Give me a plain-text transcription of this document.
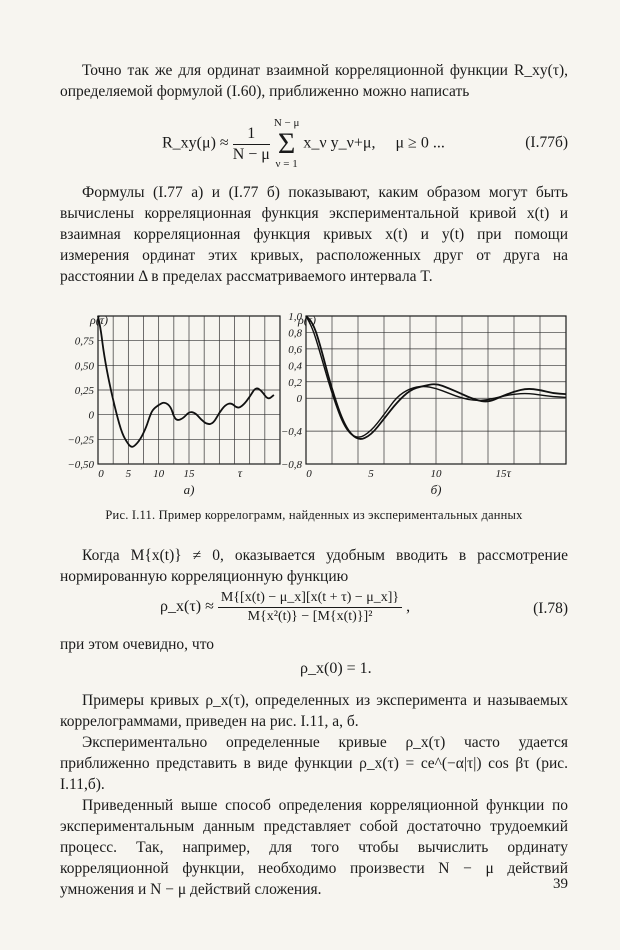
Точно так же для ординат взаимной корреляционной функции R_xy(τ), определяемой формулой (I.60), приближенно можно написать

R_xy(μ) ≈ $\frac{1}{N - \mu}$
N − μ
Σ
ν = 1 x_ν y_ν+μ, μ ≥ 0 ...	(I.77б)

Формулы (I.77 а) и (I.77 б) показывают, каким образом могут быть вычислены корреляционная функция экспериментальной кривой x(t) и взаимная корреляционная функция кривых x(t) и y(t) при помощи измерения ординат этих кривых, расположенных друг от друга на расстоянии Δ в пределах рассматриваемого интервала T.

0,75
0,50
0,25
0
−0,25
−0,50
0 5 10 15	τ
ρ(τ)
а)
1,0
0,8
0,6
0,4
0,2
0
−0,4
−0,8
0	5	10	15 τ
ρ(τ)
б)
Рис. I.11. Пример коррелограмм, найденных из экспериментальных данных

Когда M{x(t)} ≠ 0, оказывается удобным вводить в рассмотрение нормированную корреляционную функцию

ρ_x(τ) ≈ $\frac{M\{[x(t) - \mu\_x][x(t + \tau) - \mu\_x]\}}{\text{M\{x²(t)\} − [M\{x(t)\}]²}}$ ,	(I.78)

при этом очевидно, что

ρ_x(0) = 1.

Примеры кривых ρ_x(τ), определенных из эксперимента и называемых коррелограммами, приведен на рис. I.11, а, б.

Экспериментально определенные кривые ρ_x(τ) часто удается приближенно представить в виде функции ρ_x(τ) = ce^(−α|τ|) cos βτ (рис. I.11,б).

Приведенный выше способ определения корреляционной функции по экспериментальным данным представляет собой достаточно трудоемкий процесс. Так, например, для того чтобы вычислить ординату корреляционной функции, необходимо произвести N − μ действий умножения и N − μ действий сложения.	39
